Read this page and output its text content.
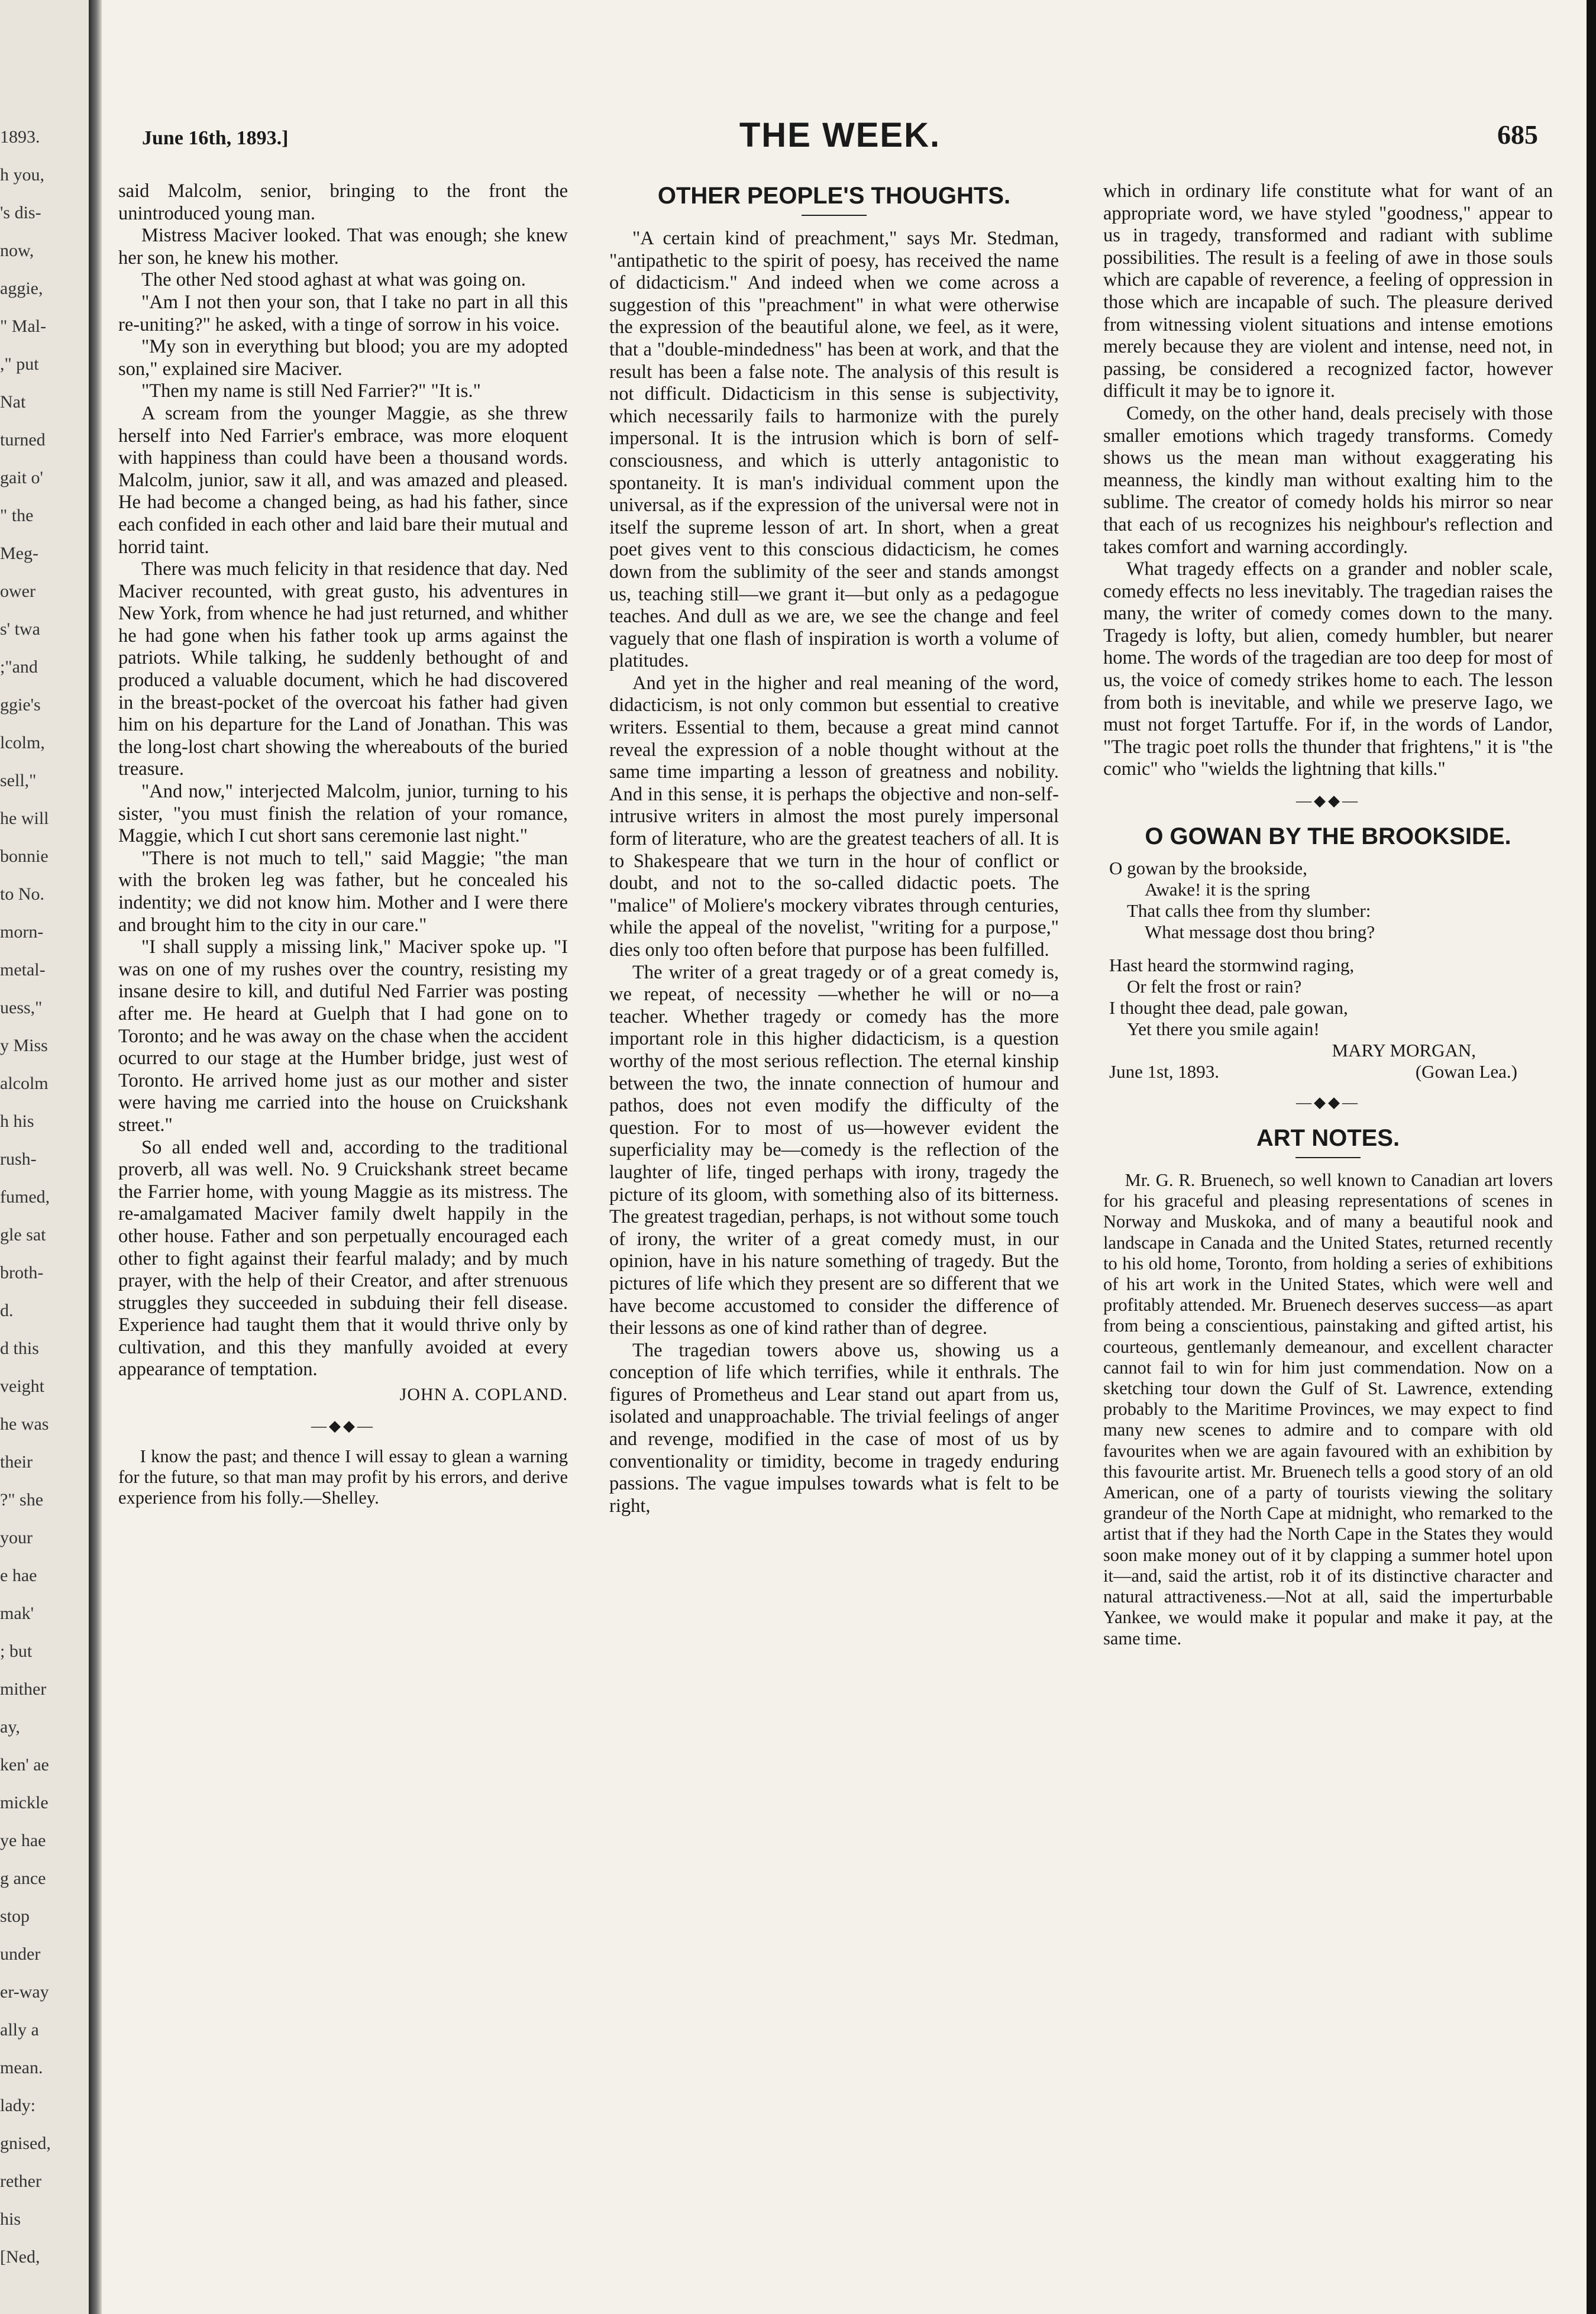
1893.
h you,
's dis-
now,
aggie,
" Mal-
," put
Nat
turned
gait o'
" the
Meg-
ower
s' twa
;"and
ggie's
lcolm,
sell,"
he will
bonnie
to No.
morn-
metal-
uess,"
y Miss
alcolm
h his
rush-
fumed,
gle sat
broth-
d.
d this
veight
he was
their
?" she
your
e hae
mak'
; but
mither
ay,
ken' ae
mickle
ye hae
g ance
stop
under
er-way
ally a
mean.
lady:
gnised,
rether
his
[Ned,
June 16th, 1893.]	THE WEEK.	685

said Malcolm, senior, bringing to the front the unintroduced young man.

Mistress Maciver looked. That was enough; she knew her son, he knew his mother.

The other Ned stood aghast at what was going on.

"Am I not then your son, that I take no part in all this re-uniting?" he asked, with a tinge of sorrow in his voice.

"My son in everything but blood; you are my adopted son," explained sire Maciver.

"Then my name is still Ned Farrier?" "It is."

A scream from the younger Maggie, as she threw herself into Ned Farrier's embrace, was more eloquent with happiness than could have been a thousand words. Malcolm, junior, saw it all, and was amazed and pleased. He had become a changed being, as had his father, since each confided in each other and laid bare their mutual and horrid taint.

There was much felicity in that residence that day. Ned Maciver recounted, with great gusto, his adventures in New York, from whence he had just returned, and whither he had gone when his father took up arms against the patriots. While talking, he suddenly bethought of and produced a valuable document, which he had discovered in the breast-pocket of the overcoat his father had given him on his departure for the Land of Jonathan. This was the long-lost chart showing the whereabouts of the buried treasure.

"And now," interjected Malcolm, junior, turning to his sister, "you must finish the relation of your romance, Maggie, which I cut short sans ceremonie last night."

"There is not much to tell," said Maggie; "the man with the broken leg was father, but he concealed his indentity; we did not know him. Mother and I were there and brought him to the city in our care."

"I shall supply a missing link," Maciver spoke up. "I was on one of my rushes over the country, resisting my insane desire to kill, and dutiful Ned Farrier was posting after me. He heard at Guelph that I had gone on to Toronto; and he was away on the chase when the accident ocurred to our stage at the Humber bridge, just west of Toronto. He arrived home just as our mother and sister were having me carried into the house on Cruickshank street."

So all ended well and, according to the traditional proverb, all was well. No. 9 Cruickshank street became the Farrier home, with young Maggie as its mistress. The re-amalgamated Maciver family dwelt happily in the other house. Father and son perpetually encouraged each other to fight against their fearful malady; and by much prayer, with the help of their Creator, and after strenuous struggles they succeeded in subduing their fell disease. Experience had taught them that it would thrive only by cultivation, and this they manfully avoided at every appearance of temptation.

JOHN A. COPLAND.
—◆◆—

I know the past; and thence I will essay to glean a warning for the future, so that man may profit by his errors, and derive experience from his folly.—Shelley.

OTHER PEOPLE'S THOUGHTS.

"A certain kind of preachment," says Mr. Stedman, "antipathetic to the spirit of poesy, has received the name of didacticism." And indeed when we come across a suggestion of this "preachment" in what were otherwise the expression of the beautiful alone, we feel, as it were, that a "double-mindedness" has been at work, and that the result has been a false note. The analysis of this result is not difficult. Didacticism in this sense is subjectivity, which necessarily fails to harmonize with the purely impersonal. It is the intrusion which is born of self-consciousness, and which is utterly antagonistic to spontaneity. It is man's individual comment upon the universal, as if the expression of the universal were not in itself the supreme lesson of art. In short, when a great poet gives vent to this conscious didacticism, he comes down from the sublimity of the seer and stands amongst us, teaching still—we grant it—but only as a pedagogue teaches. And dull as we are, we see the change and feel vaguely that one flash of inspiration is worth a volume of platitudes.

And yet in the higher and real meaning of the word, didacticism, is not only common but essential to creative writers. Essential to them, because a great mind cannot reveal the expression of a noble thought without at the same time imparting a lesson of greatness and nobility. And in this sense, it is perhaps the objective and non-self-intrusive writers in almost the most purely impersonal form of literature, who are the greatest teachers of all. It is to Shakespeare that we turn in the hour of conflict or doubt, and not to the so-called didactic poets. The "malice" of Moliere's mockery vibrates through centuries, while the appeal of the novelist, "writing for a purpose," dies only too often before that purpose has been fulfilled.

The writer of a great tragedy or of a great comedy is, we repeat, of necessity —whether he will or no—a teacher. Whether tragedy or comedy has the more important role in this higher didacticism, is a question worthy of the most serious reflection. The eternal kinship between the two, the innate connection of humour and pathos, does not even modify the difficulty of the question. For to most of us—however evident the superficiality may be—comedy is the reflection of the laughter of life, tinged perhaps with irony, tragedy the picture of its gloom, with something also of its bitterness. The greatest tragedian, perhaps, is not without some touch of irony, the writer of a great comedy must, in our opinion, have in his nature something of tragedy. But the pictures of life which they present are so different that we have become accustomed to consider the difference of their lessons as one of kind rather than of degree.

The tragedian towers above us, showing us a conception of life which terrifies, while it enthrals. The figures of Prometheus and Lear stand out apart from us, isolated and unapproachable. The trivial feelings of anger and revenge, modified in the case of most of us by conventionality or timidity, become in tragedy enduring passions. The vague impulses towards what is felt to be right,

which in ordinary life constitute what for want of an appropriate word, we have styled "goodness," appear to us in tragedy, transformed and radiant with sublime possibilities. The result is a feeling of awe in those souls which are capable of reverence, a feeling of oppression in those which are incapable of such. The pleasure derived from witnessing violent situations and intense emotions merely because they are violent and intense, need not, in passing, be considered a recognized factor, however difficult it may be to ignore it.

Comedy, on the other hand, deals precisely with those smaller emotions which tragedy transforms. Comedy shows us the mean man without exaggerating his meanness, the kindly man without exalting him to the sublime. The creator of comedy holds his mirror so near that each of us recognizes his neighbour's reflection and takes comfort and warning accordingly.

What tragedy effects on a grander and nobler scale, comedy effects no less inevitably. The tragedian raises the many, the writer of comedy comes down to the many. Tragedy is lofty, but alien, comedy humbler, but nearer home. The words of the tragedian are too deep for most of us, the voice of comedy strikes home to each. The lesson from both is inevitable, and while we preserve Iago, we must not forget Tartuffe. For if, in the words of Landor, "The tragic poet rolls the thunder that frightens," it is "the comic" who "wields the lightning that kills."

—◆◆—
O GOWAN BY THE BROOKSIDE.
O gowan by the brookside,
Awake! it is the spring
That calls thee from thy slumber:
What message dost thou bring?
Hast heard the stormwind raging,
Or felt the frost or rain?
I thought thee dead, pale gowan,
Yet there you smile again!
MARY MORGAN,
June 1st, 1893.	(Gowan Lea.)
—◆◆—
ART NOTES.

Mr. G. R. Bruenech, so well known to Canadian art lovers for his graceful and pleasing representations of scenes in Norway and Muskoka, and of many a beautiful nook and landscape in Canada and the United States, returned recently to his old home, Toronto, from holding a series of exhibitions of his art work in the United States, which were well and profitably attended. Mr. Bruenech deserves success—as apart from being a conscientious, painstaking and gifted artist, his courteous, gentlemanly demeanour, and excellent character cannot fail to win for him just commendation. Now on a sketching tour down the Gulf of St. Lawrence, extending probably to the Maritime Provinces, we may expect to find many new scenes to admire and to compare with old favourites when we are again favoured with an exhibition by this favourite artist. Mr. Bruenech tells a good story of an old American, one of a party of tourists viewing the solitary grandeur of the North Cape at midnight, who remarked to the artist that if they had the North Cape in the States they would soon make money out of it by clapping a summer hotel upon it—and, said the artist, rob it of its distinctive character and natural attractiveness.—Not at all, said the imperturbable Yankee, we would make it popular and make it pay, at the same time.
